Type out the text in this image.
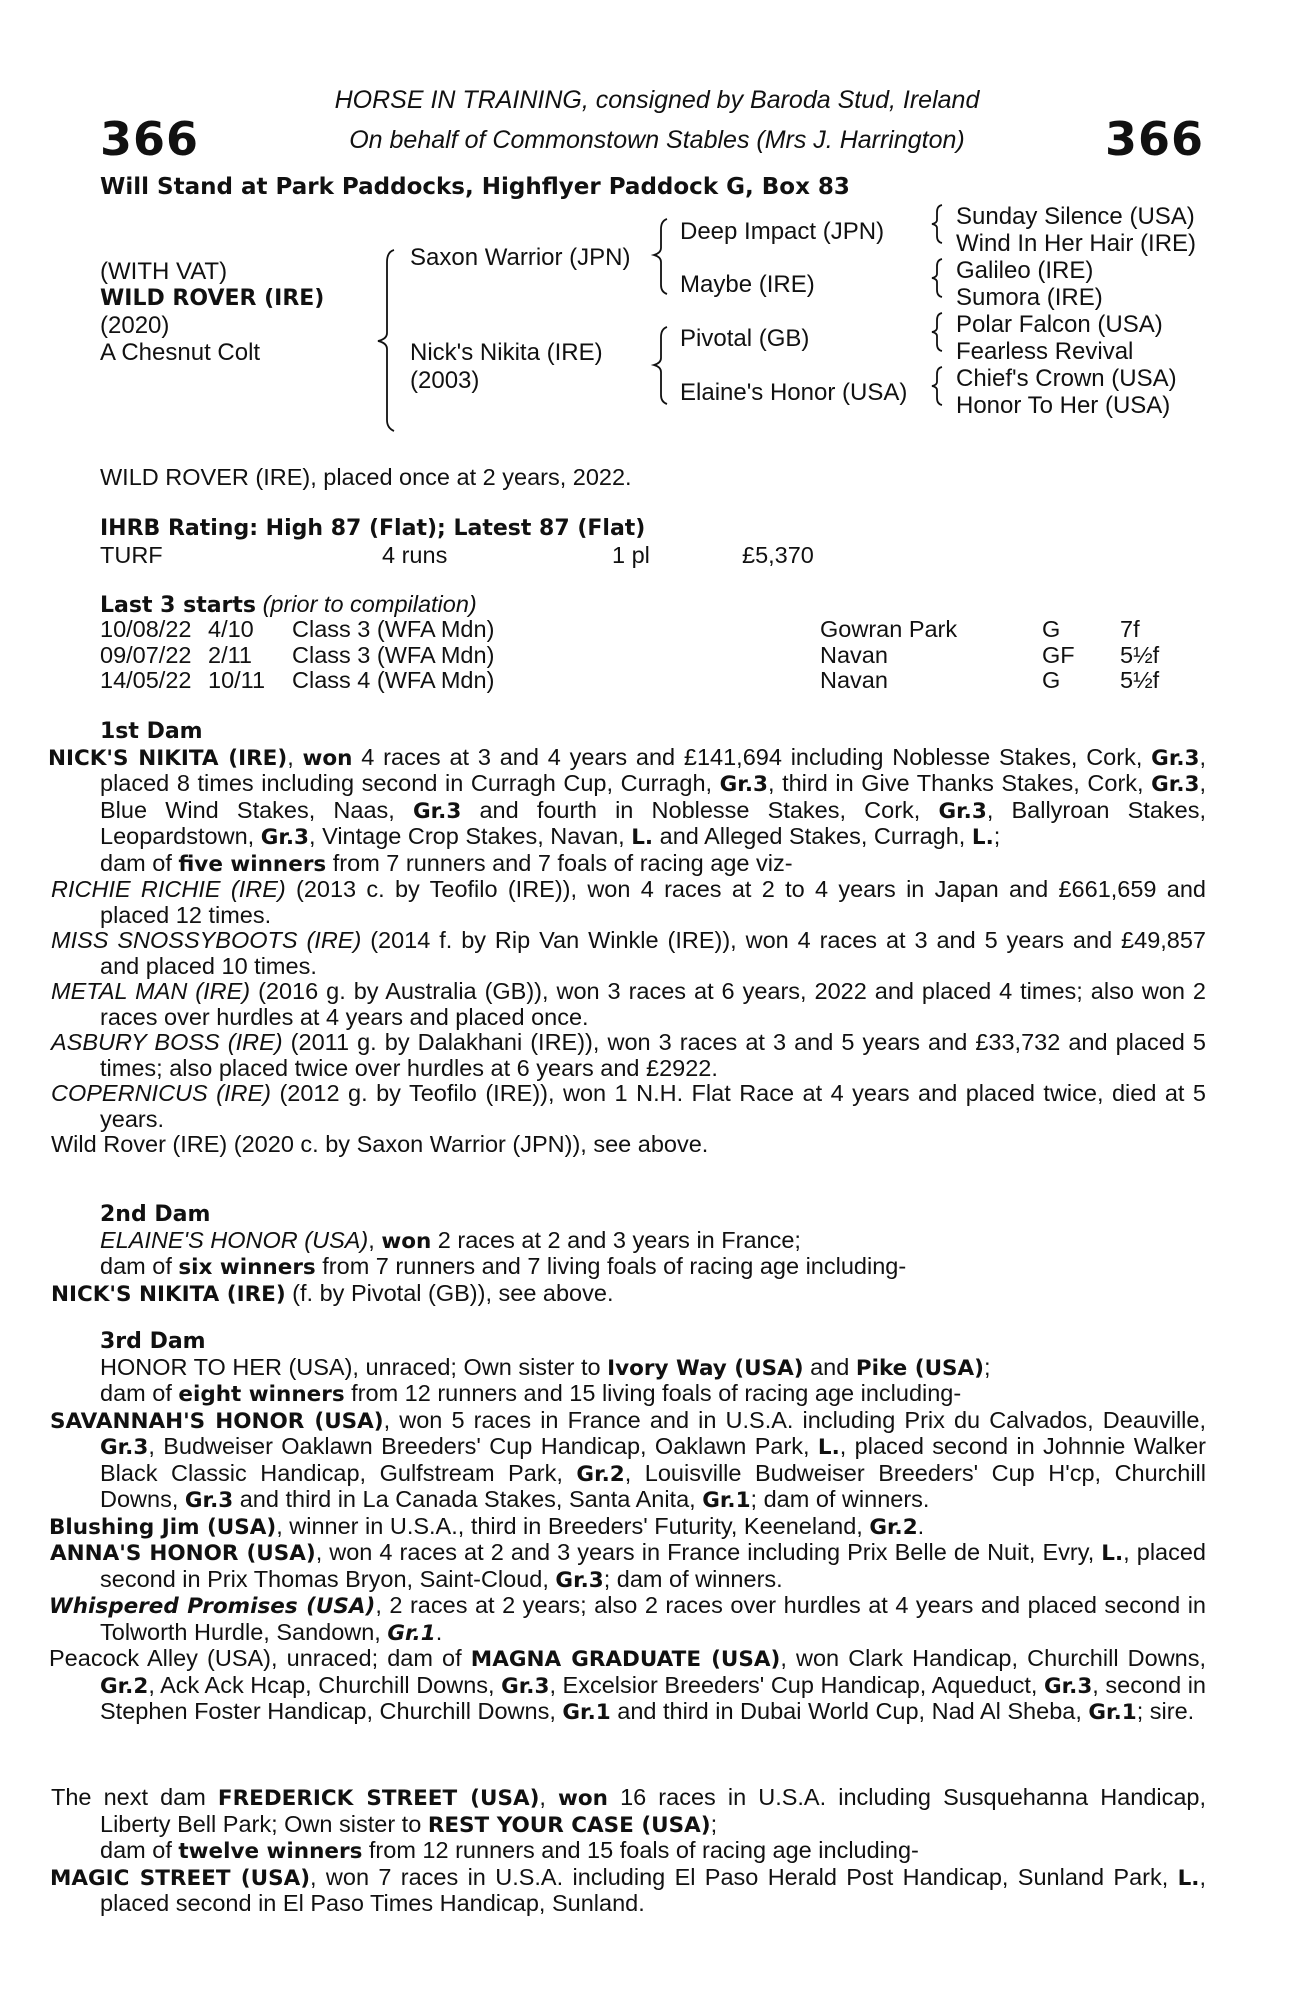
366	366
HORSE IN TRAINING, consigned by Baroda Stud, Ireland
On behalf of Commonstown Stables (Mrs J. Harrington)
Will Stand at Park Paddocks, Highflyer Paddock G, Box 83
(WITH VAT)
WILD ROVER (IRE)
(2020)
A Chesnut Colt
Saxon Warrior (JPN)
Nick's Nikita (IRE)
(2003)
Deep Impact (JPN)
Maybe (IRE)
Pivotal (GB)
Elaine's Honor (USA)
Sunday Silence (USA)
Wind In Her Hair (IRE)
Galileo (IRE)
Sumora (IRE)
Polar Falcon (USA)
Fearless Revival
Chief's Crown (USA)
Honor To Her (USA)

WILD ROVER (IRE), placed once at 2 years, 2022.

IHRB Rating: High 87 (Flat); Latest 87 (Flat)

TURF	4 runs	1 pl	£5,370

Last 3 starts (prior to compilation)

10/08/22	4/10	Class 3 (WFA Mdn)	Gowran Park	G	7f
09/07/22	2/11	Class 3 (WFA Mdn)	Navan	GF	5½f
14/05/22	10/11	Class 4 (WFA Mdn)	Navan	G	5½f

1st Dam

NICK'S NIKITA (IRE), won 4 races at 3 and 4 years and £141,694 including Noblesse Stakes, Cork, Gr.3, placed 8 times including second in Curragh Cup, Curragh, Gr.3, third in Give Thanks Stakes, Cork, Gr.3, Blue Wind Stakes, Naas, Gr.3 and fourth in Noblesse Stakes, Cork, Gr.3, Ballyroan Stakes, Leopardstown, Gr.3, Vintage Crop Stakes, Navan, L. and Alleged Stakes, Curragh, L.;

dam of five winners from 7 runners and 7 foals of racing age viz-

RICHIE RICHIE (IRE) (2013 c. by Teofilo (IRE)), won 4 races at 2 to 4 years in Japan and £661,659 and placed 12 times.

MISS SNOSSYBOOTS (IRE) (2014 f. by Rip Van Winkle (IRE)), won 4 races at 3 and 5 years and £49,857 and placed 10 times.

METAL MAN (IRE) (2016 g. by Australia (GB)), won 3 races at 6 years, 2022 and placed 4 times; also won 2 races over hurdles at 4 years and placed once.

ASBURY BOSS (IRE) (2011 g. by Dalakhani (IRE)), won 3 races at 3 and 5 years and £33,732 and placed 5 times; also placed twice over hurdles at 6 years and £2922.

COPERNICUS (IRE) (2012 g. by Teofilo (IRE)), won 1 N.H. Flat Race at 4 years and placed twice, died at 5 years.

Wild Rover (IRE) (2020 c. by Saxon Warrior (JPN)), see above.

2nd Dam

ELAINE'S HONOR (USA), won 2 races at 2 and 3 years in France;

dam of six winners from 7 runners and 7 living foals of racing age including-

NICK'S NIKITA (IRE) (f. by Pivotal (GB)), see above.

3rd Dam

HONOR TO HER (USA), unraced; Own sister to Ivory Way (USA) and Pike (USA);

dam of eight winners from 12 runners and 15 living foals of racing age including-

SAVANNAH'S HONOR (USA), won 5 races in France and in U.S.A. including Prix du Calvados, Deauville, Gr.3, Budweiser Oaklawn Breeders' Cup Handicap, Oaklawn Park, L., placed second in Johnnie Walker Black Classic Handicap, Gulfstream Park, Gr.2, Louisville Budweiser Breeders' Cup H'cp, Churchill Downs, Gr.3 and third in La Canada Stakes, Santa Anita, Gr.1; dam of winners.

Blushing Jim (USA), winner in U.S.A., third in Breeders' Futurity, Keeneland, Gr.2.

ANNA'S HONOR (USA), won 4 races at 2 and 3 years in France including Prix Belle de Nuit, Evry, L., placed second in Prix Thomas Bryon, Saint-Cloud, Gr.3; dam of winners.

Whispered Promises (USA), 2 races at 2 years; also 2 races over hurdles at 4 years and placed second in Tolworth Hurdle, Sandown, Gr.1.

Peacock Alley (USA), unraced; dam of MAGNA GRADUATE (USA), won Clark Handicap, Churchill Downs, Gr.2, Ack Ack Hcap, Churchill Downs, Gr.3, Excelsior Breeders' Cup Handicap, Aqueduct, Gr.3, second in Stephen Foster Handicap, Churchill Downs, Gr.1 and third in Dubai World Cup, Nad Al Sheba, Gr.1; sire.

The next dam FREDERICK STREET (USA), won 16 races in U.S.A. including Susquehanna Handicap, Liberty Bell Park; Own sister to REST YOUR CASE (USA);

dam of twelve winners from 12 runners and 15 foals of racing age including-

MAGIC STREET (USA), won 7 races in U.S.A. including El Paso Herald Post Handicap, Sunland Park, L., placed second in El Paso Times Handicap, Sunland.
